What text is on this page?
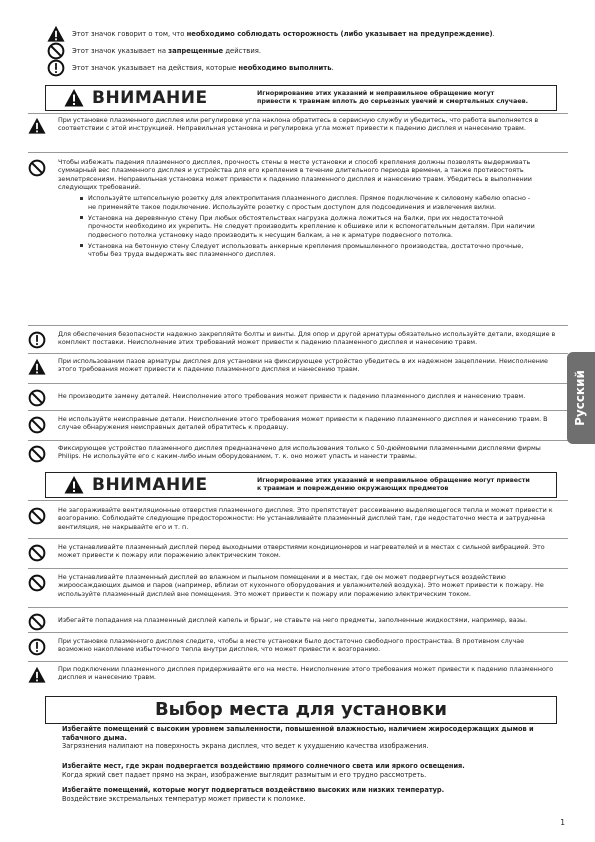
Этот значок говорит о том, что необходимо соблюдать осторожность (либо указывает на предупреждение).
Этот значок указывает на запрещенные действия.
Этот значок указывает на действия, которые необходимо выполнить.
ВНИМАНИЕ	Игнорирование этих указаний и неправильное обращение могут
привести к травмам вплоть до серьезных увечий и смертельных случаев.
При установке плазменного дисплея или регулировке угла наклона обратитесь в сервисную службу и убедитесь, что работа выполняется в соответствии с этой инструкцией. Неправильная установка и регулировка угла может привести к падению дисплея и нанесению травм.
Чтобы избежать падения плазменного дисплея, прочность стены в месте установки и способ крепления должны позволять выдерживать суммарный вес плазменного дисплея и устройства для его крепления в течение длительного периода времени, а также противостоять землетрясениям. Неправильная установка может привести к падению плазменного дисплея и нанесению травм. Убедитесь в выполнении следующих требований.
Используйте штепсельную розетку для электропитания плазменного дисплея. Прямое подключение к силовому кабелю опасно - не применяйте такое подключение. Используйте розетку с простым доступом для подсоединения и извлечения вилки.
Установка на деревянную стену При любых обстоятельствах нагрузка должна ложиться на балки, при их недостаточной прочности необходимо их укрепить. Не следует производить крепление к обшивке или к вспомогательным деталям. При наличии подвесного потолка установку надо производить к несущим балкам, а не к арматуре подвесного потолка.
Установка на бетонную стену Следует использовать анкерные крепления промышленного производства, достаточно прочные, чтобы без труда выдержать вес плазменного дисплея.
Для обеспечения безопасности надежно закрепляйте болты и винты. Для опор и другой арматуры обязательно используйте детали, входящие в комплект поставки. Неисполнение этих требований может привести к падению плазменного дисплея и нанесению травм.
При использовании пазов арматуры дисплея для установки на фиксирующее устройство убедитесь в их надежном зацеплении. Неисполнение этого требования может привести к падению плазменного дисплея и нанесению травм.
Не производите замену деталей. Неисполнение этого требования может привести к падению плазменного дисплея и нанесению травм.
Не используйте неисправные детали. Неисполнение этого требования может привести к падению плазменного дисплея и нанесению травм. В случае обнаружения неисправных деталей обратитесь к продавцу.
Фиксирующее устройство плазменного дисплея предназначено для использования только с 50-дюймовыми плазменными дисплеями фирмы Philips. Не используйте его с каким-либо иным оборудованием, т. к. оно может упасть и нанести травмы.
ВНИМАНИЕ	Игнорирование этих указаний и неправильное обращение могут привести
к травмам и повреждению окружающих предметов
Не загораживайте вентиляционные отверстия плазменного дисплея. Это препятствует рассеиванию выделяющегося тепла и может привести к возгоранию. Соблюдайте следующие предосторожности: Не устанавливайте плазменный дисплей там, где недостаточно места и затруднена вентиляция, не накрывайте его и т. п.
Не устанавливайте плазменный дисплей перед выходными отверстиями кондиционеров и нагревателей и в местах с сильной вибрацией. Это может привести к пожару или поражению электрическим током.
Не устанавливайте плазменный дисплей во влажном и пыльном помещении и в местах, где он может подвергнуться воздействию жироосаждающих дымов и паров (например, вблизи от кухонного оборудования и увлажнителей воздуха). Это может привести к пожару. Не используйте плазменный дисплей вне помещения. Это может привести к пожару или поражению электрическим током.
Избегайте попадания на плазменный дисплей капель и брызг, не ставьте на него предметы, заполненные жидкостями, например, вазы.
При установке плазменного дисплея следите, чтобы в месте установки было достаточно свободного пространства. В противном случае возможно накопление избыточного тепла внутри дисплея, что может привести к возгоранию.
При подключении плазменного дисплея придерживайте его на месте. Неисполнение этого требования может привести к падению плазменного дисплея и нанесению травм.
Русский
Выбор места для установки
Избегайте помещений с высоким уровнем запыленности, повышенной влажностью, наличием жиросодержащих дымов и табачного дыма.
Загрязнения налипают на поверхность экрана дисплея, что ведет к ухудшению качества изображения.
Избегайте мест, где экран подвергается воздействию прямого солнечного света или яркого освещения.
Когда яркий свет падает прямо на экран, изображение выглядит размытым и его трудно рассмотреть.
Избегайте помещений, которые могут подвергаться воздействию высоких или низких температур.
Воздействие экстремальных температур может привести к поломке.
1
